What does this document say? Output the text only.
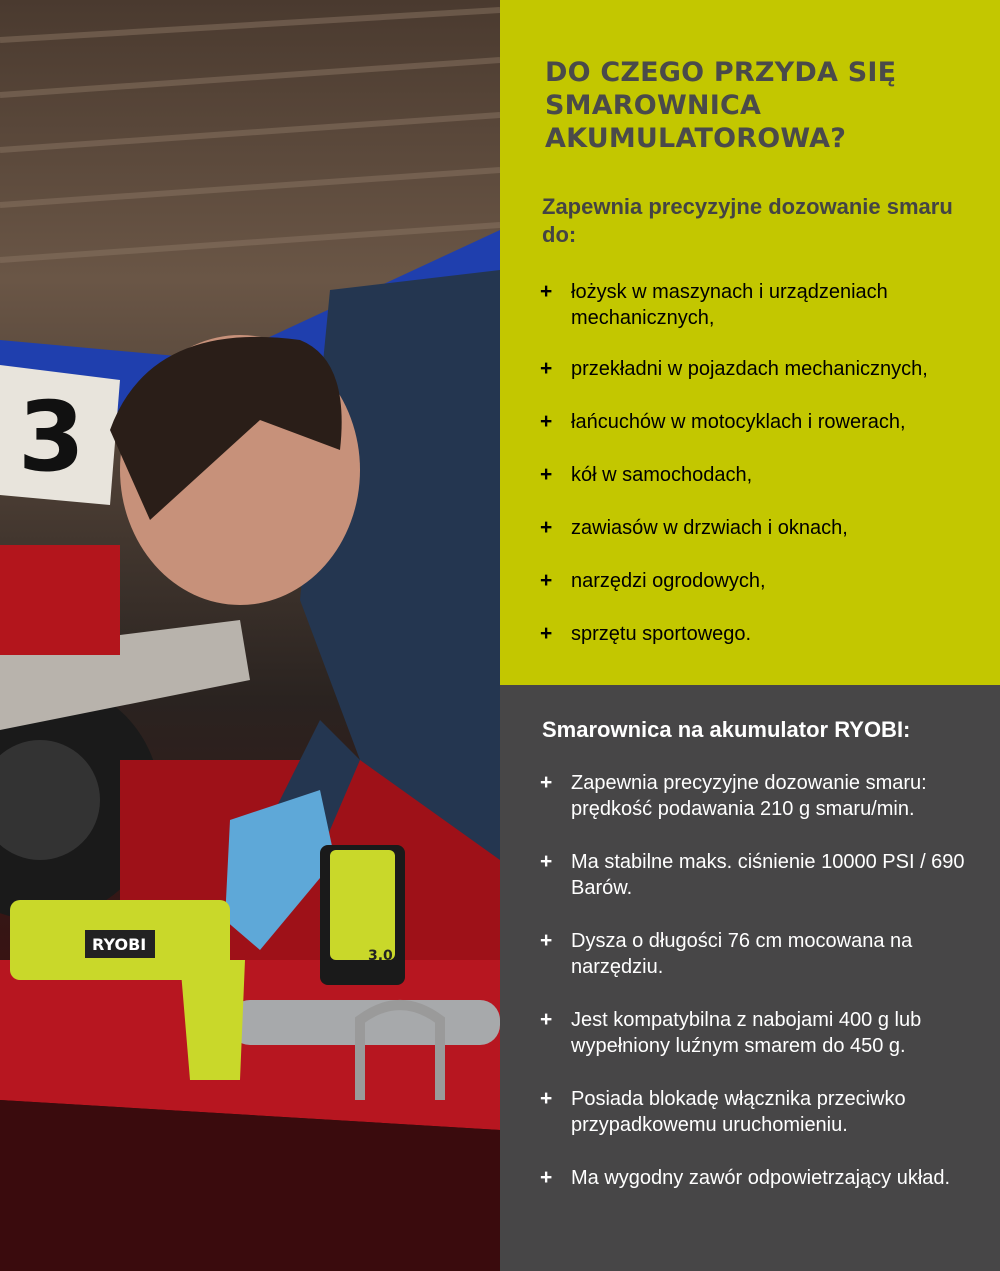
3
RYOBI
3.0
DO CZEGO PRZYDA SIĘ
SMAROWNICA
AKUMULATOROWA?
Zapewnia precyzyjne dozowanie smaru do:
+ łożysk w maszynach i urządzeniach mechanicznych,
+ przekładni w pojazdach mechanicznych,
+ łańcuchów w motocyklach i rowerach,
+ kół w samochodach,
+ zawiasów w drzwiach i oknach,
+ narzędzi ogrodowych,
+ sprzętu sportowego.
Smarownica na akumulator RYOBI:
+ Zapewnia precyzyjne dozowanie smaru: prędkość podawania 210 g smaru/min.
+ Ma stabilne maks. ciśnienie 10000 PSI / 690 Barów.
+ Dysza o długości 76 cm mocowana na narzędziu.
+ Jest kompatybilna z nabojami 400 g lub wypełniony luźnym smarem do 450 g.
+ Posiada blokadę włącznika przeciwko przypadkowemu uruchomieniu.
+ Ma wygodny zawór odpowietrzający układ.
